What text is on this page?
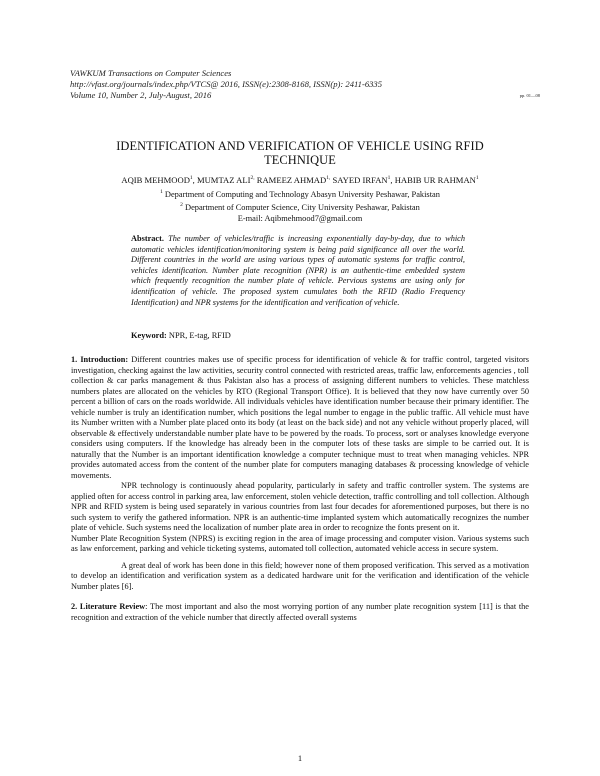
VAWKUM Transactions on Computer Sciences
http://vfast.org/journals/index.php/VTCS@ 2016, ISSN(e):2308-8168, ISSN(p): 2411-6335
Volume 10, Number 2, July-August, 2016	pp. 01—08
IDENTIFICATION AND VERIFICATION OF VEHICLE USING RFID TECHNIQUE
AQIB MEHMOOD$^1$, MUMTAZ $ALI^{2,}$ RAMEEZ $AHMAD^{1,}$ SAYED IRFAN$^1$, HABIB UR RAHMAN$^1$
$^1$ Department of Computing and Technology Abasyn University Peshawar, Pakistan
$^2$ Department of Computer Science, City University Peshawar, Pakistan
E-mail: Aqibmehmood7@gmail.com
Abstract. The number of vehicles/traffic is increasing exponentially day-by-day, due to which automatic vehicles identification/monitoring system is being paid significance all over the world. Different countries in the world are using various types of automatic systems for traffic control, vehicles identification. Number plate recognition (NPR) is an authentic-time embedded system which frequently recognition the number plate of vehicle. Pervious systems are using only for identification of vehicle. The proposed system cumulates both the RFID (Radio Frequency Identification) and NPR systems for the identification and verification of vehicle.
Keyword: NPR, E-tag, RFID

1. Introduction: Different countries makes use of specific process for identification of vehicle & for traffic control, targeted visitors investigation, checking against the law activities, security control connected with restricted areas, traffic law, enforcements agencies , toll collection & car parks management & thus Pakistan also has a process of assigning different numbers to vehicles. These matchless numbers plates are allocated on the vehicles by RTO (Regional Transport Office). It is believed that they now have currently over 50 percent a billion of cars on the roads worldwide. All individuals vehicles have identification number because their primary identifier. The vehicle number is truly an identification number, which positions the legal number to engage in the public traffic. All vehicle must have its Number written with a Number plate placed onto its body (at least on the back side) and not any vehicle without properly placed, will observable & effectively understandable number plate have to be powered by the roads. To process, sort or analyses knowledge everyone considers using computers. If the knowledge has already been in the computer lots of these tasks are simple to be carried out. It is naturally that the Number is an important identification knowledge a computer technique must to treat when managing vehicles. NPR provides automated access from the content of the number plate for computers managing databases & processing knowledge of vehicle movements.

NPR technology is continuously ahead popularity, particularly in safety and traffic controller system. The systems are applied often for access control in parking area, law enforcement, stolen vehicle detection, traffic controlling and toll collection. Although NPR and RFID system is being used separately in various countries from last four decades for aforementioned purposes, but there is no such system to verify the gathered information. NPR is an authentic-time implanted system which automatically recognizes the number plate of vehicle. Such systems need the localization of number plate area in order to recognize the fonts present on it.

Number Plate Recognition System (NPRS) is exciting region in the area of image processing and computer vision. Various systems such as law enforcement, parking and vehicle ticketing systems, automated toll collection, automated vehicle access in secure system.

A great deal of work has been done in this field; however none of them proposed verification. This served as a motivation to develop an identification and verification system as a dedicated hardware unit for the verification and identification of the vehicle Number plates [6].

2. Literature Review: The most important and also the most worrying portion of any number plate recognition system [11] is that the recognition and extraction of the vehicle number that directly affected overall systems

1
